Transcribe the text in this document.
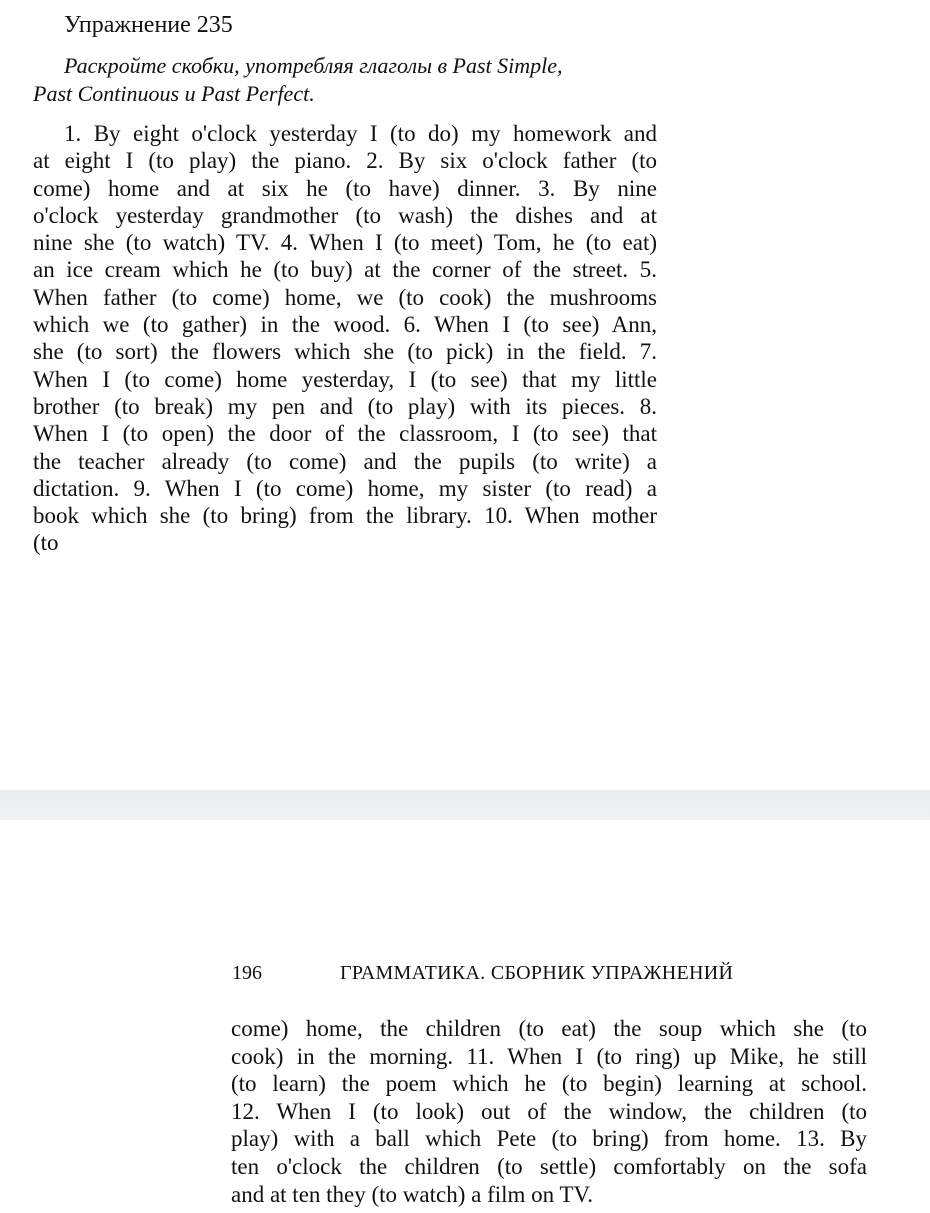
Упражнение 235

Раскройте скобки, употребляя глаголы в Past Simple,
Past Continuous и Past Perfect.

1. By eight o'clock yesterday I (to do) my homework and
at eight I (to play) the piano. 2. By six o'clock father (to
come) home and at six he (to have) dinner. 3. By nine
o'clock yesterday grandmother (to wash) the dishes and at
nine she (to watch) TV. 4. When I (to meet) Tom, he (to eat)
an ice cream which he (to buy) at the corner of the street. 5.
When father (to come) home, we (to cook) the mushrooms
which we (to gather) in the wood. 6. When I (to see) Ann,
she (to sort) the flowers which she (to pick) in the field. 7.
When I (to come) home yesterday, I (to see) that my little
brother (to break) my pen and (to play) with its pieces. 8.
When I (to open) the door of the classroom, I (to see) that
the teacher already (to come) and the pupils (to write) a
dictation. 9. When I (to come) home, my sister (to read) a
book which she (to bring) from the library. 10. When mother
(to

196	ГРАММАТИКА. СБОРНИК УПРАЖНЕНИЙ

come) home, the children (to eat) the soup which she (to
cook) in the morning. 11. When I (to ring) up Mike, he still
(to learn) the poem which he (to begin) learning at school.
12. When I (to look) out of the window, the children (to
play) with a ball which Pete (to bring) from home. 13. By
ten o'clock the children (to settle) comfortably on the sofa
and at ten they (to watch) a film on TV.
